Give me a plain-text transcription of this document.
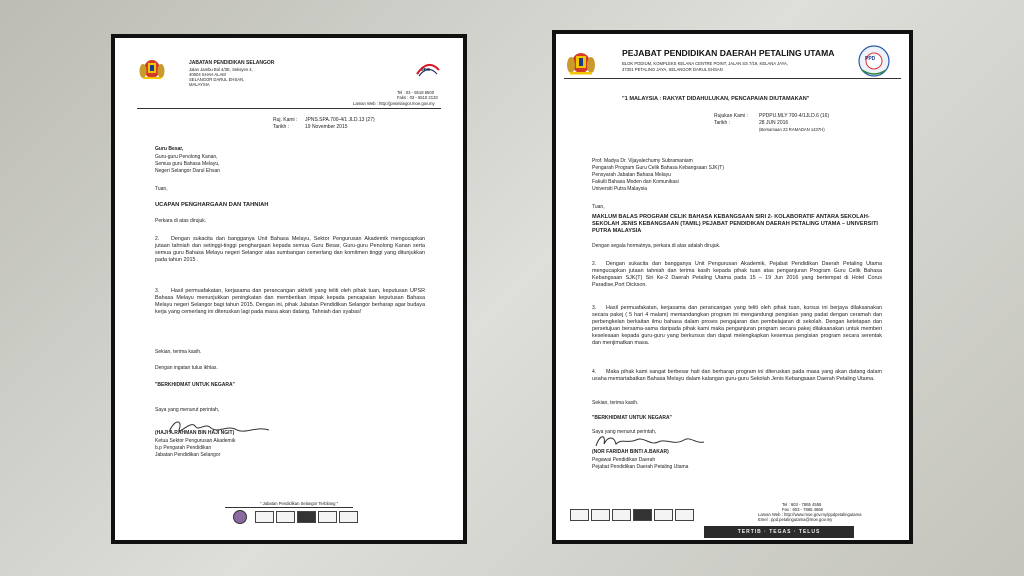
JABATAN PENDIDIKAN SELANGOR
Jalan Jambu Bol 4/3E, Seksyen 4,
40604 SHAH ALAM
SELANGOR DARUL EHSAN,
MALAYSIA
JPS
Tel : 03 - 5518 6500
Faks : 03 - 5510 2133
Laman Web : http://jpnselangor.moe.gov.my
Ruj. Kami : JPNS.SPA.700-4/1 JLD.13 (27)
Tarikh :	19 November 2015
Guru Besar,
Guru-guru Penolong Kanan,
Semua guru Bahasa Melayu,
Negeri Selangor Darul Ehsan
Tuan,
UCAPAN PENGHARGAAN DAN TAHNIAH
Perkara di atas dirujuk.
2.	Dengan sukacita dan bangganya Unit Bahasa Melayu, Sektor Pengurusan Akademik mengucapkan jutaan tahniah dan setinggi-tinggi penghargaan kepada semua Guru Besar, Guru-guru Penolong Kanan serta semua guru Bahasa Melayu negeri Selangor atas sumbangan cemerlang dan komitmen tinggi yang ditunjukkan pada tahun 2015 .
3.	Hasil permuafakatan, kerjasama dan perancangan aktiviti yang teliti oleh pihak tuan, keputusan UPSR Bahasa Melayu menunjukkan peningkatan dan memberikan impak kepada pencapaian keputusan Bahasa Melayu negeri Selangor bagi tahun 2015. Dengan ini, pihak Jabatan Pendidikan Selangor berharap agar budaya kerja yang cemerlang ini diteruskan lagi pada masa akan datang. Tahniah dan syabas!
Sekian, terima kasih.
Dengan ingatan tulus ikhlas.
"BERKHIDMAT UNTUK NEGARA"
Saya yang menurut perintah,
(HAJI A.RAHMAN BIN HAJI NGIT)
Ketua Sektor Pengurusan Akademik
b.p Pengarah Pendidikan
Jabatan Pendidikan Selangor
" Jabatan Pendidikan Selangor Terbilang "
PEJABAT PENDIDIKAN DAERAH PETALING UTAMA
BLOK PODIUM, KOMPLEKS KELANA CENTRE POINT, JALAN SS 7/19, KELANA JAYA,
47301 PETALING JAYA, SELANGOR DARUL EHSAN
PPD
"1 MALAYSIA : RAKYAT DIDAHULUKAN, PENCAPAIAN DIUTAMAKAN"
Rujukan Kami : PPDPU.MLY 700-4/1JLD.6 (16)
Tarikh :	28 JUN 2016
(Bersamaan 23 RAMADAN 1437H)
Prof. Madya Dr. Vijayalechumy Subramaniam
Pengarah Program Guru Celik Bahasa Kebangsaan SJK(T)
Pensyarah Jabatan Bahasa Melayu
Fakulti Bahasa Moden dan Komunikasi
Universiti Putra Malaysia
Tuan,
MAKLUM BALAS PROGRAM CELIK BAHASA KEBANGSAAN SIRI 2- KOLABORATIF ANTARA SEKOLAH-SEKOLAH JENIS KEBANGSAAN (TAMIL) PEJABAT PENDIDIKAN DAERAH PETALING UTAMA – UNIVERSITI PUTRA MALAYSIA
Dengan segala hormatnya, perkara di atas adalah dirujuk.
2.	Dengan sukacita dan bangganya Unit Pengurusan Akademik, Pejabat Pendidikan Daerah Petaling Utama mengucapkan jutaan tahniah dan terima kasih kepada pihak tuan atas penganjuran Program Guru Celik Bahasa Kebangsaan SJK(T) Siri Ke-2 Daerah Petaling Utama pada 15 – 19 Jun 2016 yang bertempat di Hotel Corus Paradise,Port Dickson.
3.	Hasil permuafakatan, kerjasama dan perancangan yang teliti oleh pihak tuan, kursus ini berjaya dilaksanakan secara pakej ( 5 hari 4 malam) memandangkan program ini mengandungi pengisian yang padat dengan ceramah dan perbengkelan berkaitan ilmu bahasa dalam proses pengajaran dan pembelajaran di sekolah. Dengan ketetapan dan persetujuan bersama-sama daripada pihak kami maka penganjuran program secara pakej dilaksanakan untuk memberi keselesaan kepada guru-guru yang berkursus dan dapat melengkapkan kesemua pengisian program secara serentak dan menjimatkan masa.
4.	Maka pihak kami sangat berbesar hati dan berharap program ini diteruskan pada masa yang akan datang dalam usaha memartabatkan Bahasa Melayu dalam kalangan guru-guru Sekolah Jenis Kebangsaan Daerah Petaling Utama.
Sekian, terima kasih.
"BERKHIDMAT UNTUK NEGARA"
Saya yang menurut perintah,
(NOR FARIDAH BINTI A.BAKAR)
Pegawai Pendidikan Daerah
Pejabat Pendidikan Daerah Petaling Utama
Tel : 603 - 7865 4555
Fax : 603 - 7865 4666
Laman Web : http://www.moe.gov.my/ppdpetalingutama
Emel : ppd.petalingutama@moe.gov.my
TERTIB · TEGAS · TELUS
